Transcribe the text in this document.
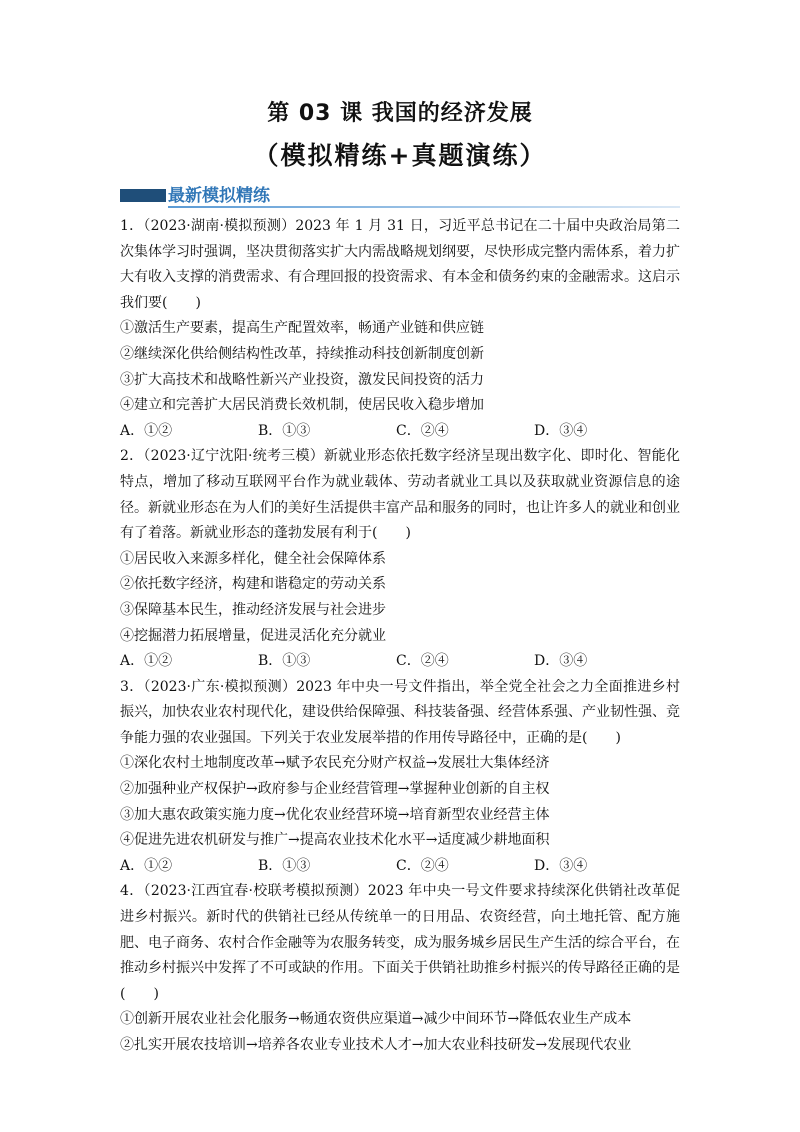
第 03 课 我国的经济发展
（模拟精练+真题演练）
最新模拟精练
1．（2023·湖南·模拟预测）2023 年 1 月 31 日，习近平总书记在二十届中央政治局第二次集体学习时强调，坚决贯彻落实扩大内需战略规划纲要，尽快形成完整内需体系，着力扩大有收入支撑的消费需求、有合理回报的投资需求、有本金和债务约束的金融需求。这启示我们要(　　)
①激活生产要素，提高生产配置效率，畅通产业链和供应链
②继续深化供给侧结构性改革，持续推动科技创新制度创新
③扩大高技术和战略性新兴产业投资，激发民间投资的活力
④建立和完善扩大居民消费长效机制，使居民收入稳步增加
A．①②	B．①③	C．②④	D．③④
2．（2023·辽宁沈阳·统考三模）新就业形态依托数字经济呈现出数字化、即时化、智能化特点，增加了移动互联网平台作为就业载体、劳动者就业工具以及获取就业资源信息的途径。新就业形态在为人们的美好生活提供丰富产品和服务的同时，也让许多人的就业和创业有了着落。新就业形态的蓬勃发展有利于(　　)
①居民收入来源多样化，健全社会保障体系
②依托数字经济，构建和谐稳定的劳动关系
③保障基本民生，推动经济发展与社会进步
④挖掘潜力拓展增量，促进灵活化充分就业
A．①②	B．①③	C．②④	D．③④
3．（2023·广东·模拟预测）2023 年中央一号文件指出，举全党全社会之力全面推进乡村振兴，加快农业农村现代化，建设供给保障强、科技装备强、经营体系强、产业韧性强、竞争能力强的农业强国。下列关于农业发展举措的作用传导路径中，正确的是(　　)
①深化农村土地制度改革→赋予农民充分财产权益→发展壮大集体经济
②加强种业产权保护→政府参与企业经营管理→掌握种业创新的自主权
③加大惠农政策实施力度→优化农业经营环境→培育新型农业经营主体
④促进先进农机研发与推广→提高农业技术化水平→适度减少耕地面积
A．①②	B．①③	C．②④	D．③④
4．（2023·江西宜春·校联考模拟预测）2023 年中央一号文件要求持续深化供销社改革促进乡村振兴。新时代的供销社已经从传统单一的日用品、农资经营，向土地托管、配方施肥、电子商务、农村合作金融等为农服务转变，成为服务城乡居民生产生活的综合平台，在推动乡村振兴中发挥了不可或缺的作用。下面关于供销社助推乡村振兴的传导路径正确的是(　　)
①创新开展农业社会化服务→畅通农资供应渠道→减少中间环节→降低农业生产成本
②扎实开展农技培训→培养各农业专业技术人才→加大农业科技研发→发展现代农业
